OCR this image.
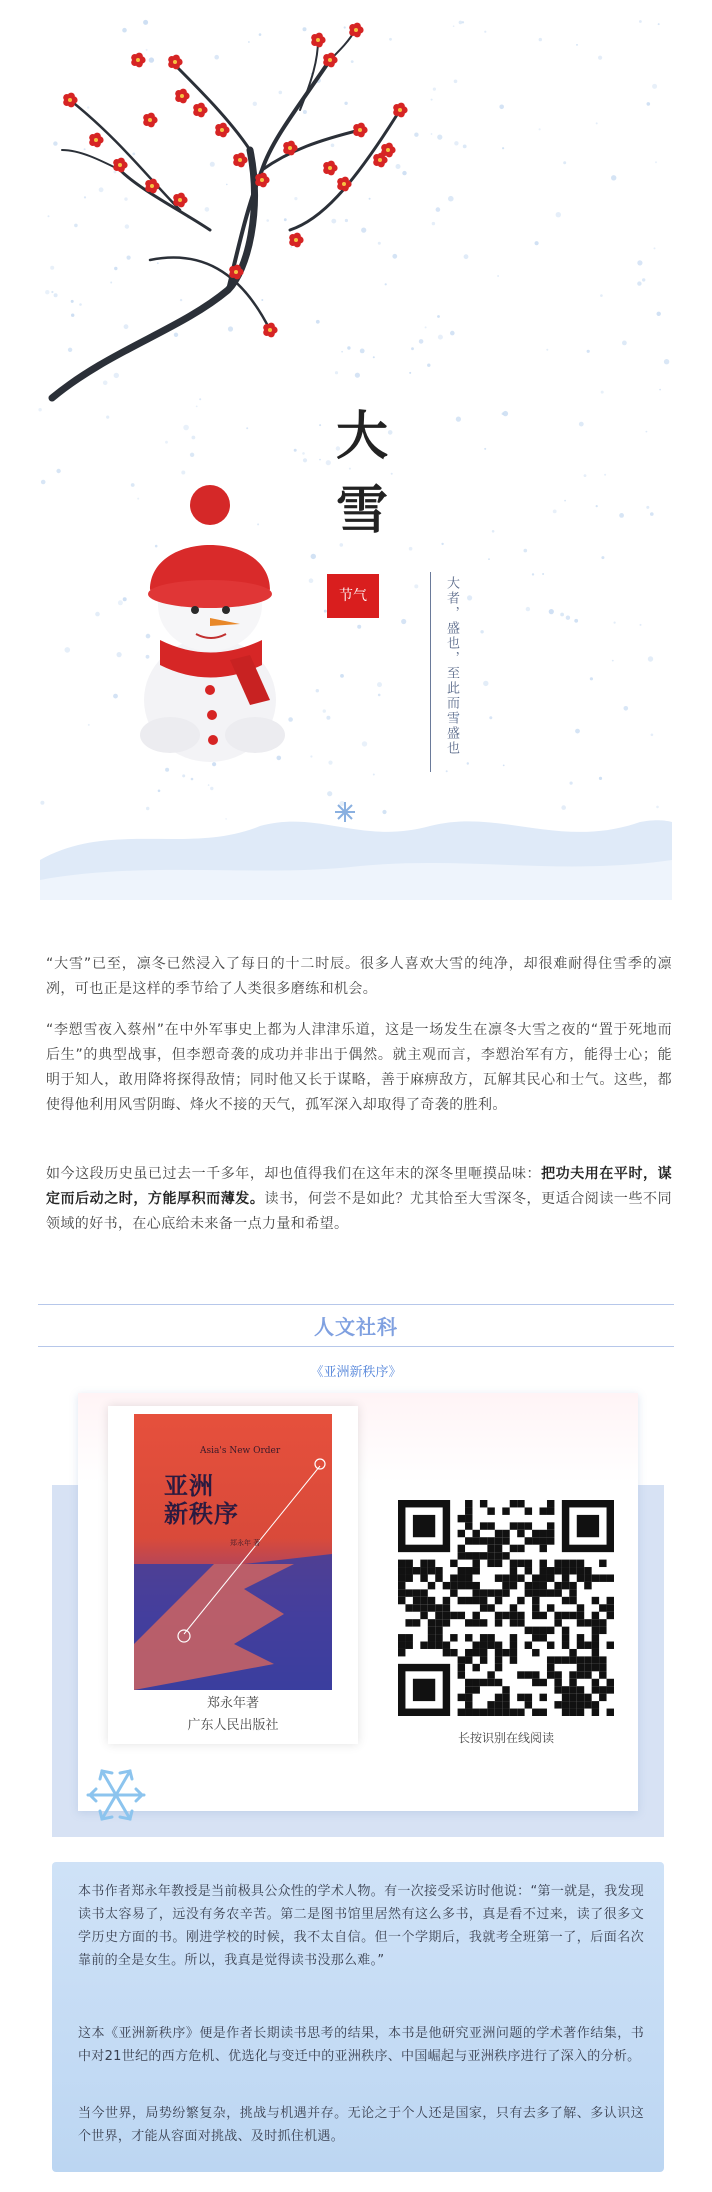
大
雪
节气	大者，盛也，至此而雪盛也

“大雪”已至，凛冬已然浸入了每日的十二时辰。很多人喜欢大雪的纯净，却很难耐得住雪季的凛冽，可也正是这样的季节给了人类很多磨练和机会。

“李愬雪夜入蔡州”在中外军事史上都为人津津乐道，这是一场发生在凛冬大雪之夜的“置于死地而后生”的典型战事，但李愬奇袭的成功并非出于偶然。就主观而言，李愬治军有方，能得士心；能明于知人，敢用降将探得敌情；同时他又长于谋略，善于麻痹敌方，瓦解其民心和士气。这些，都使得他利用风雪阴晦、烽火不接的天气，孤军深入却取得了奇袭的胜利。

如今这段历史虽已过去一千多年，却也值得我们在这年末的深冬里咂摸品味：把功夫用在平时，谋定而后动之时，方能厚积而薄发。读书，何尝不是如此？尤其恰至大雪深冬，更适合阅读一些不同领域的好书，在心底给未来备一点力量和希望。

人文社科
《亚洲新秩序》
Asia's New Order
亚洲
新秩序
郑永年 著
郑永年著
广东人民出版社
长按识别在线阅读

本书作者郑永年教授是当前极具公众性的学术人物。有一次接受采访时他说：“第一就是，我发现读书太容易了，远没有务农辛苦。第二是图书馆里居然有这么多书，真是看不过来，读了很多文学历史方面的书。刚进学校的时候，我不太自信。但一个学期后，我就考全班第一了，后面名次靠前的全是女生。所以，我真是觉得读书没那么难。”

这本《亚洲新秩序》便是作者长期读书思考的结果，本书是他研究亚洲问题的学术著作结集，书中对21世纪的西方危机、优选化与变迁中的亚洲秩序、中国崛起与亚洲秩序进行了深入的分析。

当今世界，局势纷繁复杂，挑战与机遇并存。无论之于个人还是国家，只有去多了解、多认识这个世界，才能从容面对挑战、及时抓住机遇。
